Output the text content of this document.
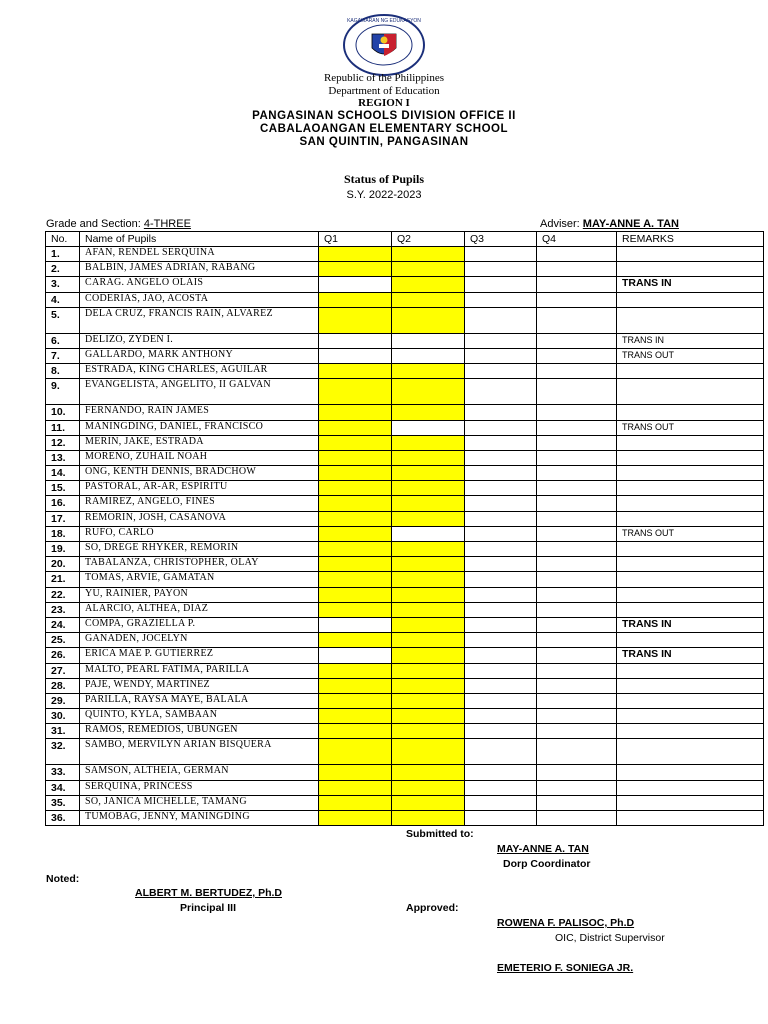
KAGAWARAN NG EDUKASYON
Republic of the Philippines
Department of Education
REGION I
PANGASINAN SCHOOLS DIVISION OFFICE II
CABALAOANGAN ELEMENTARY SCHOOL
SAN QUINTIN, PANGASINAN
Status of Pupils
S.Y. 2022-2023
Grade and Section: 4-THREE	Adviser: MAY-ANNE A. TAN
No.	Name of Pupils	Q1	Q2	Q3	Q4	REMARKS
1.	AFAN, RENDEL SERQUINA					
2.	BALBIN, JAMES ADRIAN, RABANG					
3.	CARAG. ANGELO OLAIS					TRANS IN
4.	CODERIAS, JAO, ACOSTA					
5.	DELA CRUZ, FRANCIS RAIN, ALVAREZ					
6.	DELIZO, ZYDEN I.					TRANS IN
7.	GALLARDO, MARK ANTHONY					TRANS OUT
8.	ESTRADA, KING CHARLES, AGUILAR					
9.	EVANGELISTA, ANGELITO, II GALVAN					
10.	FERNANDO, RAIN JAMES					
11.	MANINGDING, DANIEL, FRANCISCO					TRANS OUT
12.	MERIN, JAKE, ESTRADA					
13.	MORENO, ZUHAIL NOAH					
14.	ONG, KENTH DENNIS, BRADCHOW					
15.	PASTORAL, AR-AR, ESPIRITU					
16.	RAMIREZ, ANGELO, FINES					
17.	REMORIN, JOSH, CASANOVA					
18.	RUFO, CARLO					TRANS OUT
19.	SO, DREGE RHYKER, REMORIN					
20.	TABALANZA, CHRISTOPHER, OLAY					
21.	TOMAS, ARVIE, GAMATAN					
22.	YU, RAINIER, PAYON					
23.	ALARCIO, ALTHEA, DIAZ					
24.	COMPA, GRAZIELLA P.					TRANS IN
25.	GANADEN, JOCELYN					
26.	ERICA MAE P. GUTIERREZ					TRANS IN
27.	MALTO, PEARL FATIMA, PARILLA					
28.	PAJE, WENDY, MARTINEZ					
29.	PARILLA, RAYSA MAYE, BALALA					
30.	QUINTO, KYLA, SAMBAAN					
31.	RAMOS, REMEDIOS, UBUNGEN					
32.	SAMBO, MERVILYN ARIAN BISQUERA					
33.	SAMSON, ALTHEIA, GERMAN					
34.	SERQUINA, PRINCESS					
35.	SO, JANICA MICHELLE, TAMANG					
36.	TUMOBAG, JENNY, MANINGDING					
Submitted to:
MAY-ANNE A. TAN
Dorp Coordinator
Noted:
ALBERT M. BERTUDEZ, Ph.D
Principal III	Approved:
ROWENA F. PALISOC, Ph.D
OIC, District Supervisor
EMETERIO F. SONIEGA JR.
